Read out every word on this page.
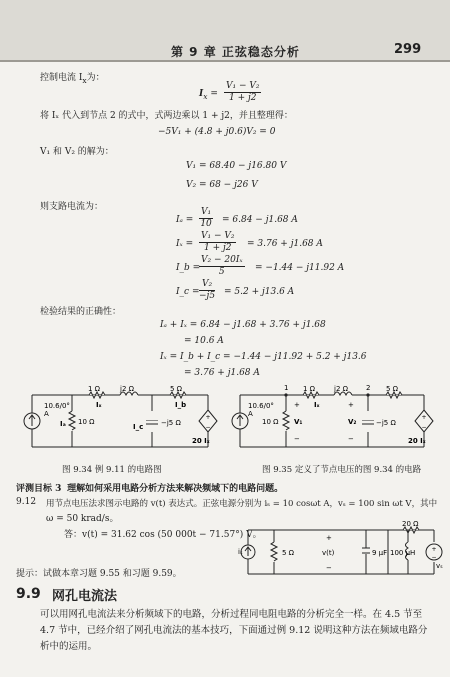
第 9 章 正弦稳态分析	299
控制电流 $I_x$为：
$I_x = \frac{\text{V₁ − V₂}}{1 + j2}$
将 Iₓ 代入到节点 2 的式中，式两边乘以 1 + j2，并且整理得：
−5V₁ + (4.8 + j0.6)V₂ = 0
V₁ 和 V₂ 的解为：
V₁ = 68.40 − j16.80 V
V₂ = 68 − j26 V
则支路电流为：
$I_a = \frac{\text{V₁}}{10} = 6.84 - j1.68$ A
$I_x = \frac{\text{V₁ − V₂}}{1 + j2} = 3.76 + j1.68$ A
I_b =
$\frac{\text{V₂ − 20Iₓ}}{5} = -1.44 - j11.92$ A
I_c = $\frac{\text{V₂}}{-j5} = 5.2 + j13.6$ A
检验结果的正确性：
Iₐ + Iₓ = 6.84 − j1.68 + 3.76 + j1.68
= 10.6 A
Iₓ = I_b + I_c = −1.44 − j11.92 + 5.2 + j13.6
= 3.76 + j1.68 A
+
−
10.6/0°
A
1 Ω	j2 Ω	5 Ω
10 Ω	−j5 Ω
20 Iₓ
Iₐ
Iₓ	I_b
I_c
图 9.34 例 9.11 的电路图
+
−
1	2
10.6/0°
A
1 Ω	j2 Ω	5 Ω
10 Ω V₁	V₂	−j5 Ω
20 Iₓ
Iₓ
+
−
+
−
图 9.35 定义了节点电压的图 9.34 的电路
评测目标 3 理解如何采用电路分析方法来解决频域下的电路问题。
9.12 用节点电压法求图示电路的 v(t) 表达式。正弦电源分别为 iₛ = 10 cosωt A，vₛ = 100 sin ωt V，其中
ω = 50 krad/s。
答：v(t) = 31.62 cos (50 000t − 71.57°) V。
+
−
iₛ
vₛ
5 Ω	v(t)
+
−
9 μF
20 Ω
100 μH
提示：试做本章习题 9.55 和习题 9.59。
9.9 网孔电流法
可以用网孔电流法来分析频域下的电路，分析过程同电阻电路的分析完全一样。在 4.5 节至 4.7 节中，已经介绍了网孔电流法的基本技巧，下面通过例 9.12 说明这种方法在频域电路分析中的运用。
